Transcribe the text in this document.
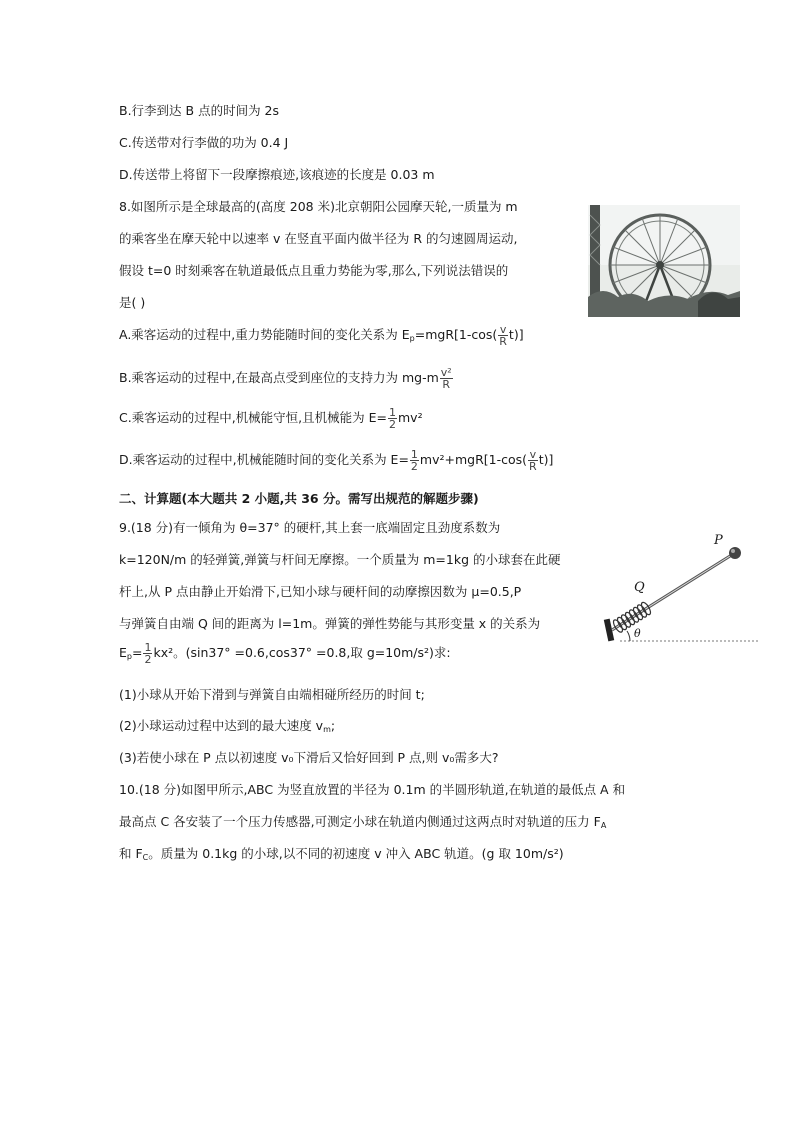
B.行李到达 B 点的时间为 2s
C.传送带对行李做的功为 0.4 J
D.传送带上将留下一段摩擦痕迹,该痕迹的长度是 0.03 m
8.如图所示是全球最高的(高度 208 米)北京朝阳公园摩天轮,一质量为 m
的乘客坐在摩天轮中以速率 v 在竖直平面内做半径为 R 的匀速圆周运动,
假设 t=0 时刻乘客在轨道最低点且重力势能为零,那么,下列说法错误的
是( )
A.乘客运动的过程中,重力势能随时间的变化关系为 $E_p=mgR[1-\cos( \frac{v}{R} t)]$
B.乘客运动的过程中,在最高点受到座位的支持力为 $mg-m \frac{\text{v²}}{R}$
C.乘客运动的过程中,机械能守恒,且机械能为 $E= \frac{1}{2} mv^2$
D.乘客运动的过程中,机械能随时间的变化关系为 $E= \frac{1}{2} mv^2+mgR[1-\cos( \frac{v}{R} t)]$
二、计算题(本大题共 2 小题,共 36 分。需写出规范的解题步骤)
9.(18 分)有一倾角为 θ=37° 的硬杆,其上套一底端固定且劲度系数为
k=120N/m 的轻弹簧,弹簧与杆间无摩擦。一个质量为 m=1kg 的小球套在此硬
杆上,从 P 点由静止开始滑下,已知小球与硬杆间的动摩擦因数为 μ=0.5,P
与弹簧自由端 Q 间的距离为 l=1m。弹簧的弹性势能与其形变量 x 的关系为
$E_p= \frac{1}{2} kx^2$。(sin37° =0.6,cos37° =0.8,取 g=10m/s²)求:
(1)小球从开始下滑到与弹簧自由端相碰所经历的时间 t;
(2)小球运动过程中达到的最大速度 $v_m$;
(3)若使小球在 P 点以初速度 v₀下滑后又恰好回到 P 点,则 v₀需多大?
P
Q
θ
10.(18 分)如图甲所示,ABC 为竖直放置的半径为 0.1m 的半圆形轨道,在轨道的最低点 A 和
最高点 C 各安装了一个压力传感器,可测定小球在轨道内侧通过这两点时对轨道的压力 $F_A$
和 $F_C$。质量为 0.1kg 的小球,以不同的初速度 v 冲入 ABC 轨道。(g 取 10m/s²)
